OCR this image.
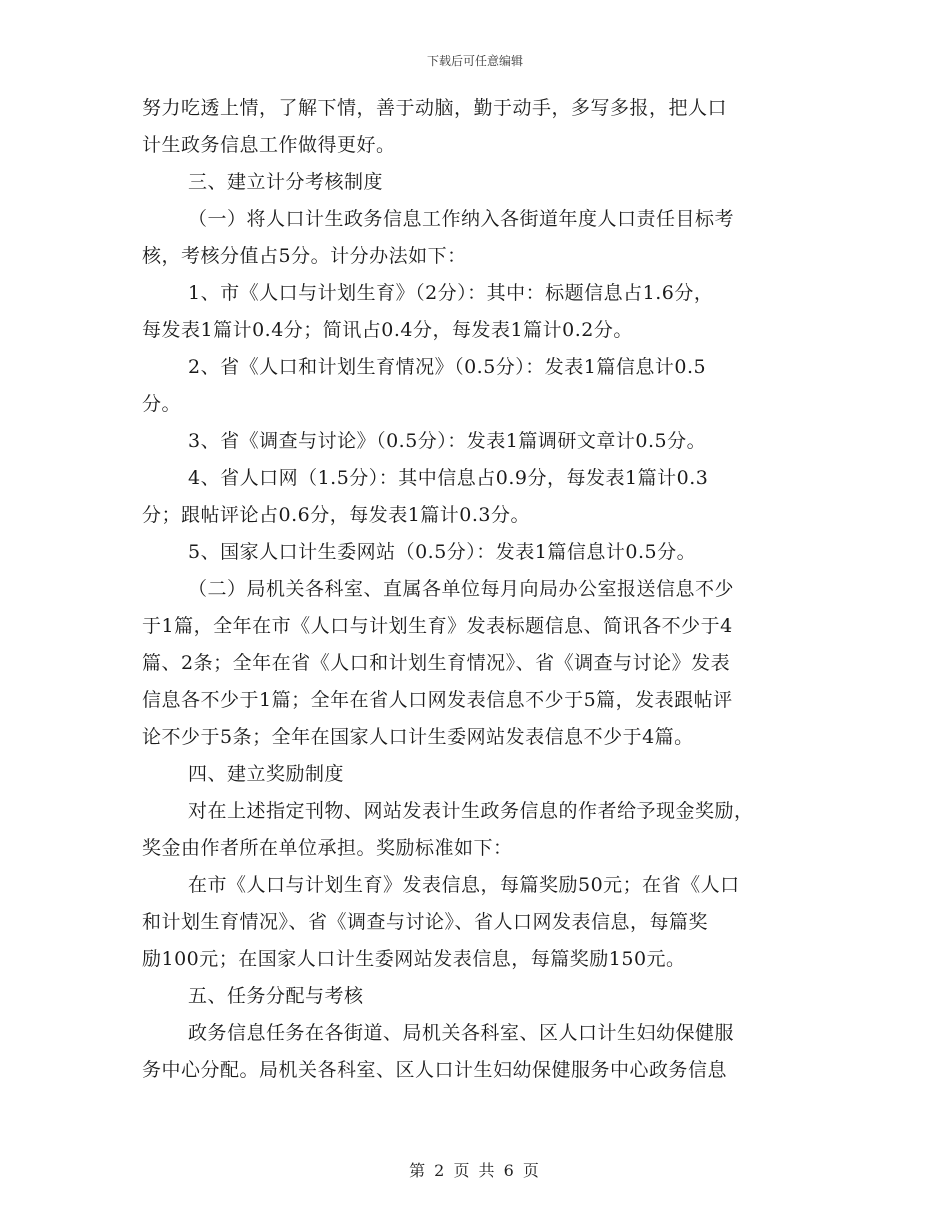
下载后可任意编辑
努力吃透上情，了解下情，善于动脑，勤于动手，多写多报，把人口
计生政务信息工作做得更好。
三、建立计分考核制度
（一）将人口计生政务信息工作纳入各街道年度人口责任目标考
核，考核分值占5分。计分办法如下：
1、市《人口与计划生育》（2分）：其中：标题信息占1.6分，
每发表1篇计0.4分；简讯占0.4分，每发表1篇计0.2分。
2、省《人口和计划生育情况》（0.5分）：发表1篇信息计0.5
分。
3、省《调查与讨论》（0.5分）：发表1篇调研文章计0.5分。
4、省人口网（1.5分）：其中信息占0.9分，每发表1篇计0.3
分；跟帖评论占0.6分，每发表1篇计0.3分。
5、国家人口计生委网站（0.5分）：发表1篇信息计0.5分。
（二）局机关各科室、直属各单位每月向局办公室报送信息不少
于1篇，全年在市《人口与计划生育》发表标题信息、简讯各不少于4
篇、2条；全年在省《人口和计划生育情况》、省《调查与讨论》发表
信息各不少于1篇；全年在省人口网发表信息不少于5篇，发表跟帖评
论不少于5条；全年在国家人口计生委网站发表信息不少于4篇。
四、建立奖励制度
对在上述指定刊物、网站发表计生政务信息的作者给予现金奖励，
奖金由作者所在单位承担。奖励标准如下：
在市《人口与计划生育》发表信息，每篇奖励50元；在省《人口
和计划生育情况》、省《调查与讨论》、省人口网发表信息，每篇奖
励100元；在国家人口计生委网站发表信息，每篇奖励150元。
五、任务分配与考核
政务信息任务在各街道、局机关各科室、区人口计生妇幼保健服
务中心分配。局机关各科室、区人口计生妇幼保健服务中心政务信息
第 2 页 共 6 页
